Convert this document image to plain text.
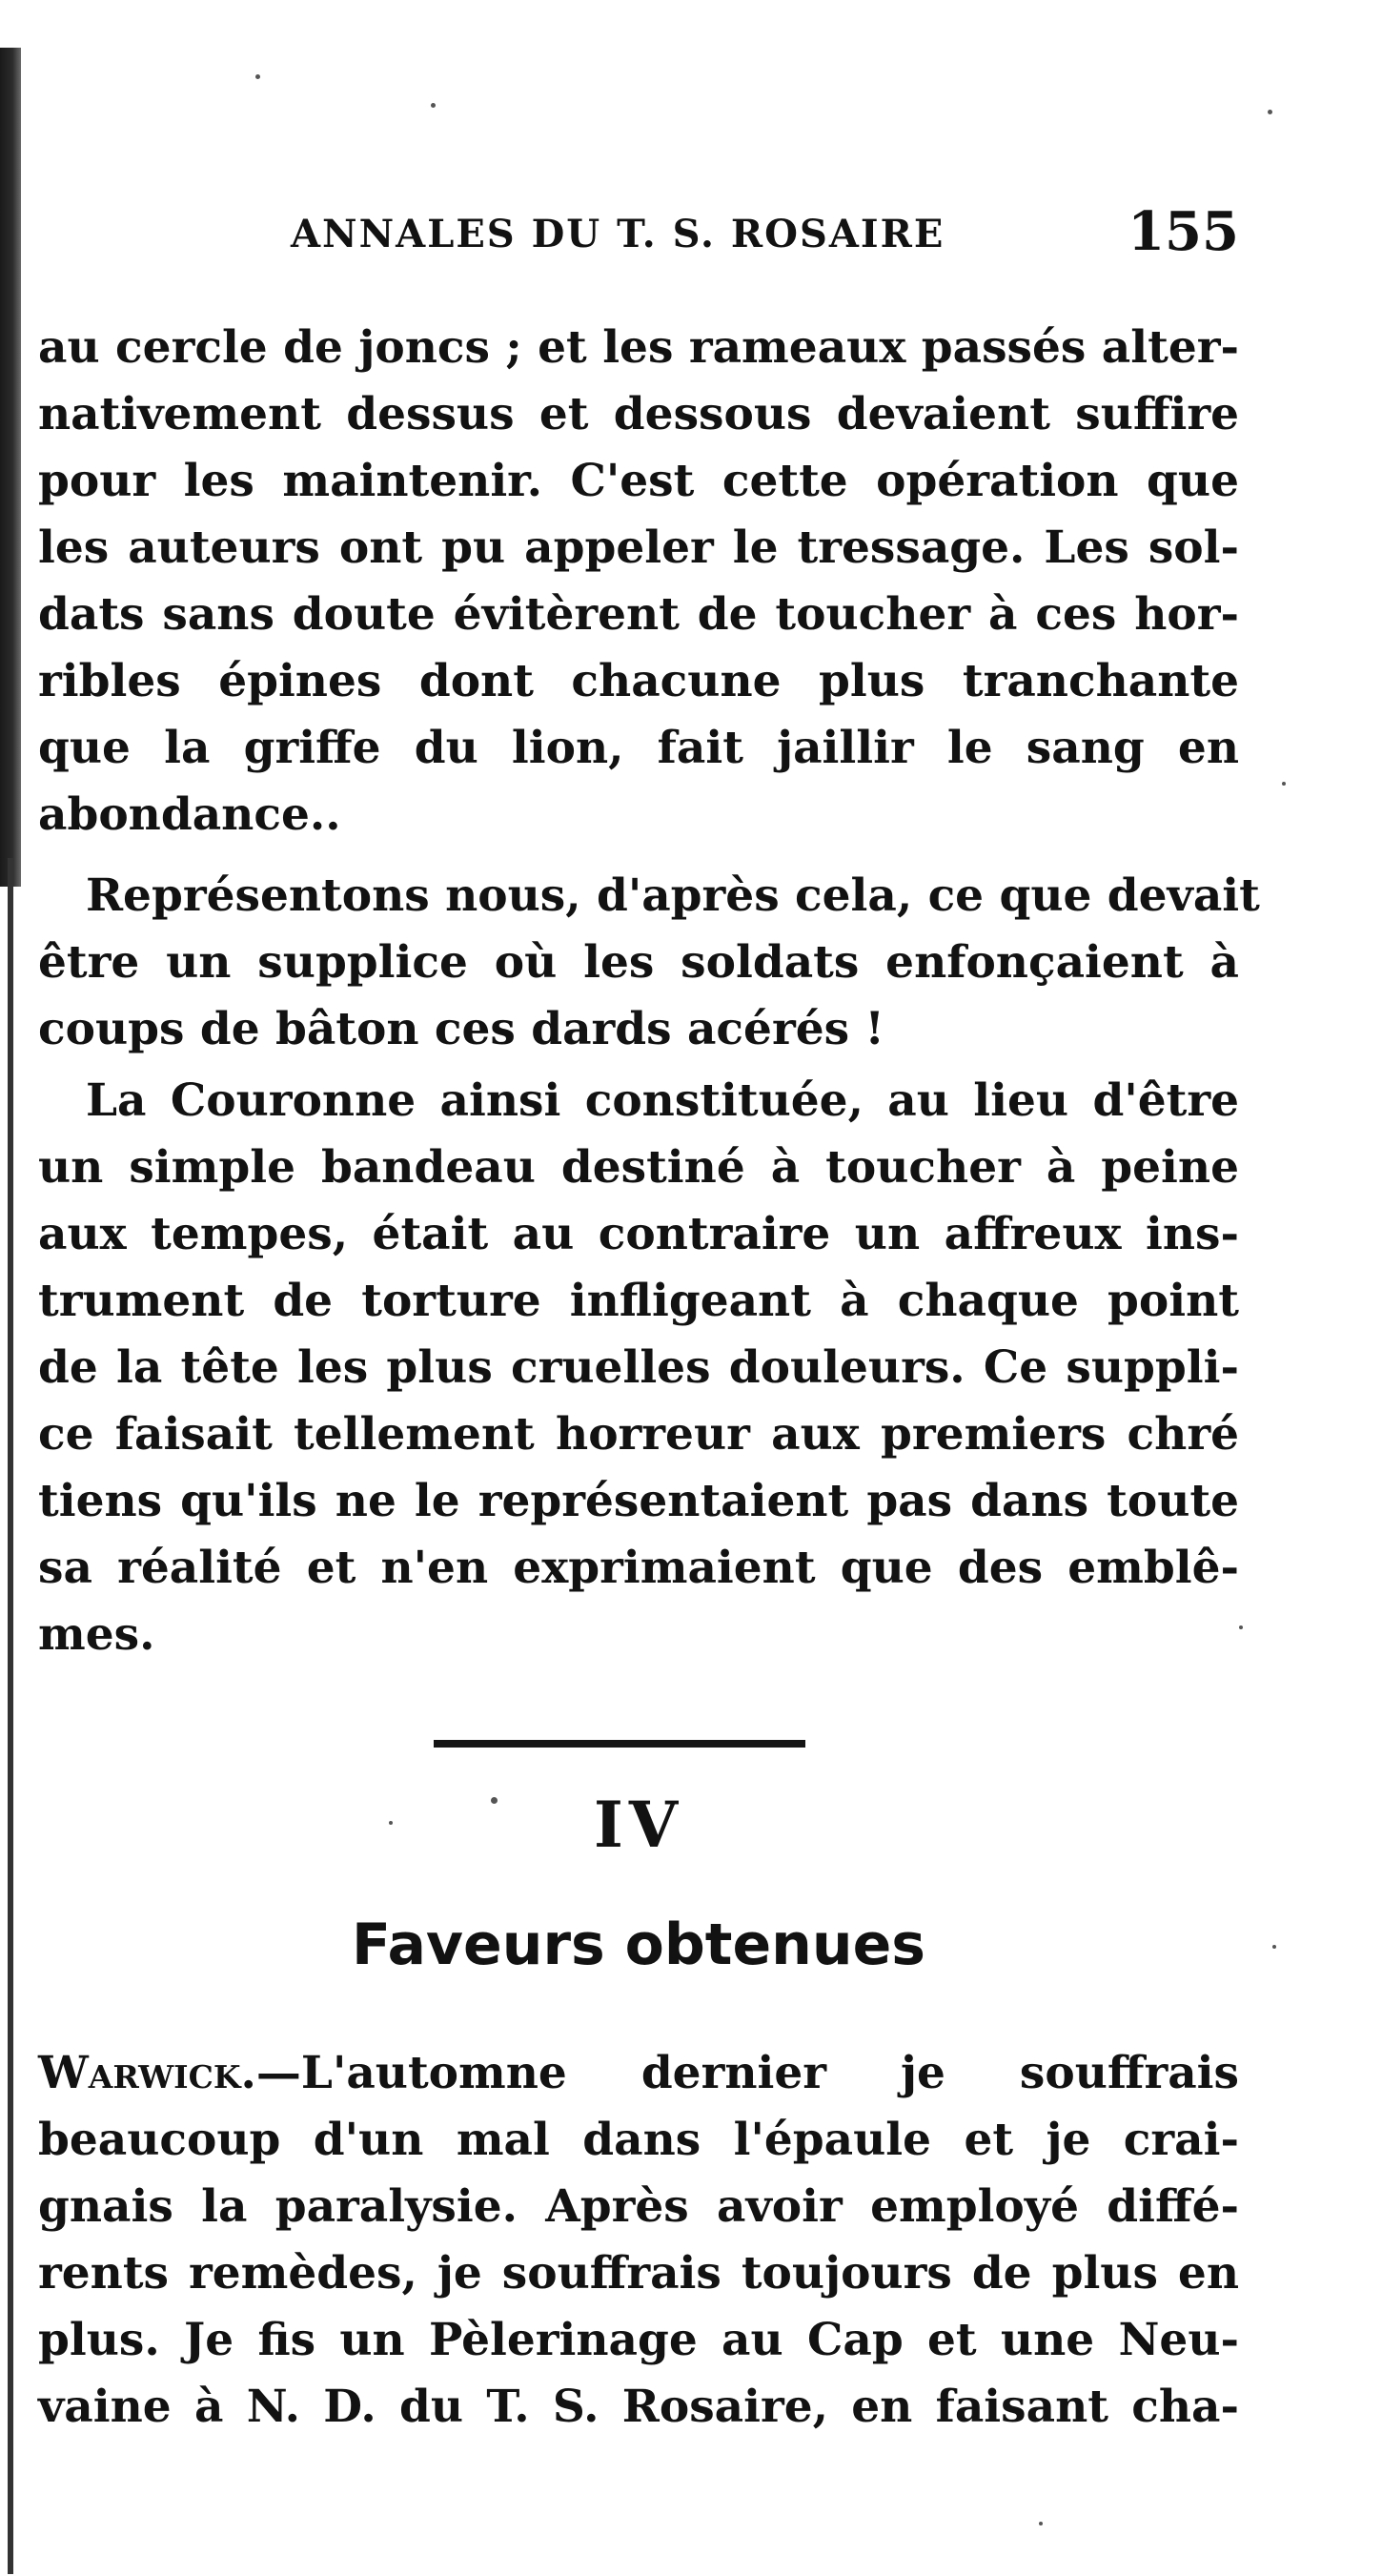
ANNALES DU T. S. ROSAIRE	155
au cercle de joncs ; et les rameaux passés alter-
nativement dessus et dessous devaient suffire
pour les maintenir. C'est cette opération que
les auteurs ont pu appeler le tressage. Les sol-
dats sans doute évitèrent de toucher à ces hor-
ribles épines dont chacune plus tranchante
que la griffe du lion, fait jaillir le sang en
abondance..
Représentons nous, d'après cela, ce que devait
être un supplice où les soldats enfonçaient à
coups de bâton ces dards acérés !
La Couronne ainsi constituée, au lieu d'être
un simple bandeau destiné à toucher à peine
aux tempes, était au contraire un affreux ins-
trument de torture infligeant à chaque point
de la tête les plus cruelles douleurs. Ce suppli-
ce faisait tellement horreur aux premiers chré
tiens qu'ils ne le représentaient pas dans toute
sa réalité et n'en exprimaient que des emblê-
mes.
IV
Faveurs obtenues
Warwick.—L'automne dernier je souffrais
beaucoup d'un mal dans l'épaule et je crai-
gnais la paralysie. Après avoir employé diffé-
rents remèdes, je souffrais toujours de plus en
plus. Je fis un Pèlerinage au Cap et une Neu-
vaine à N. D. du T. S. Rosaire, en faisant cha-
